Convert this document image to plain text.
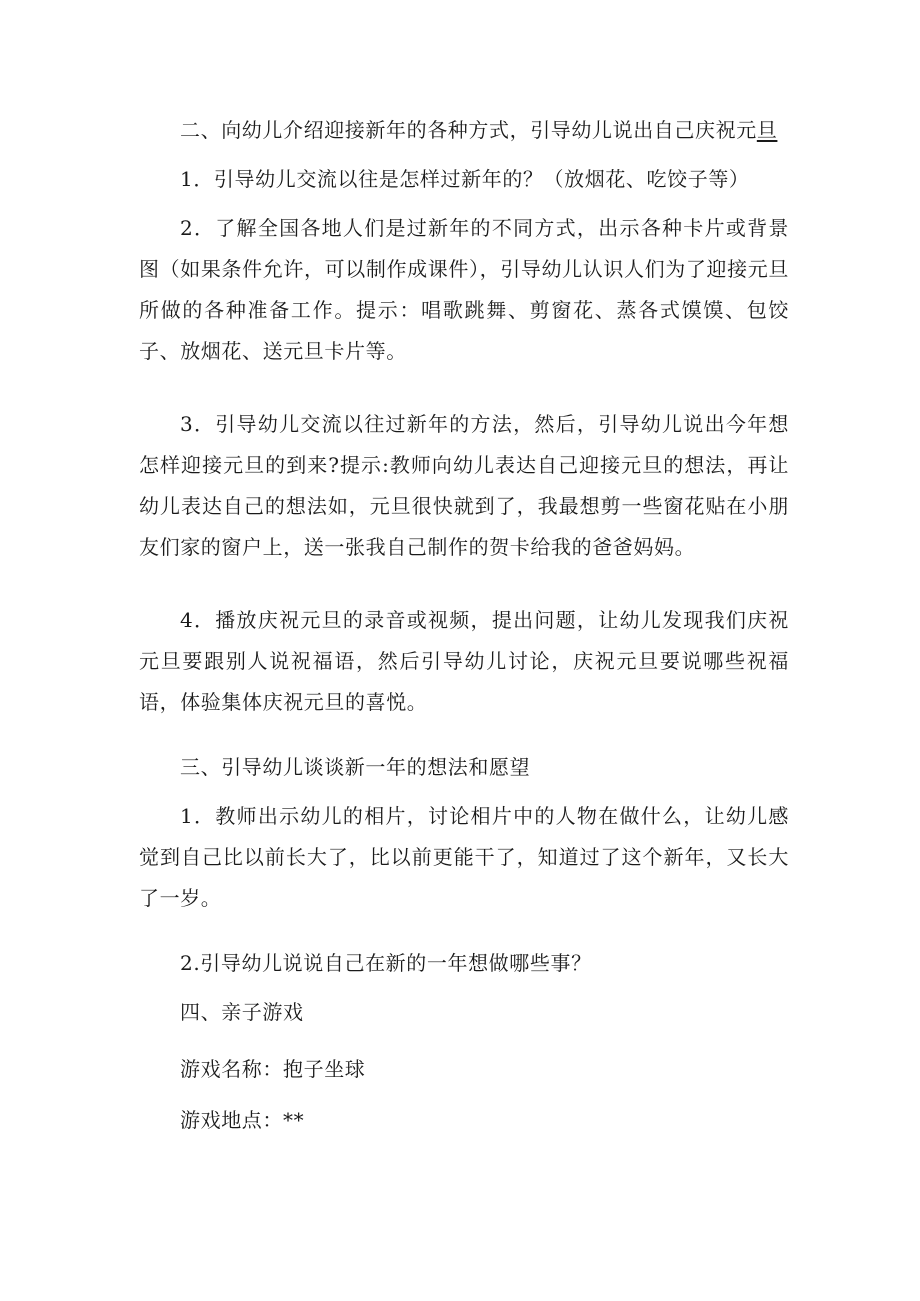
二、向幼儿介绍迎接新年的各种方式，引导幼儿说出自己庆祝元旦

1．引导幼儿交流以往是怎样过新年的？（放烟花、吃饺子等）

2．了解全国各地人们是过新年的不同方式，出示各种卡片或背景图（如果条件允许，可以制作成课件），引导幼儿认识人们为了迎接元旦所做的各种准备工作。提示：唱歌跳舞、剪窗花、蒸各式馍馍、包饺子、放烟花、送元旦卡片等。

3．引导幼儿交流以往过新年的方法，然后，引导幼儿说出今年想怎样迎接元旦的到来?提示:教师向幼儿表达自己迎接元旦的想法，再让幼儿表达自己的想法如，元旦很快就到了，我最想剪一些窗花贴在小朋友们家的窗户上，送一张我自己制作的贺卡给我的爸爸妈妈。

4．播放庆祝元旦的录音或视频，提出问题，让幼儿发现我们庆祝元旦要跟别人说祝福语，然后引导幼儿讨论，庆祝元旦要说哪些祝福语，体验集体庆祝元旦的喜悦。

三、引导幼儿谈谈新一年的想法和愿望

1．教师出示幼儿的相片，讨论相片中的人物在做什么，让幼儿感觉到自己比以前长大了，比以前更能干了，知道过了这个新年，又长大了一岁。

2.引导幼儿说说自己在新的一年想做哪些事？

四、亲子游戏

游戏名称：抱子坐球

游戏地点：**
